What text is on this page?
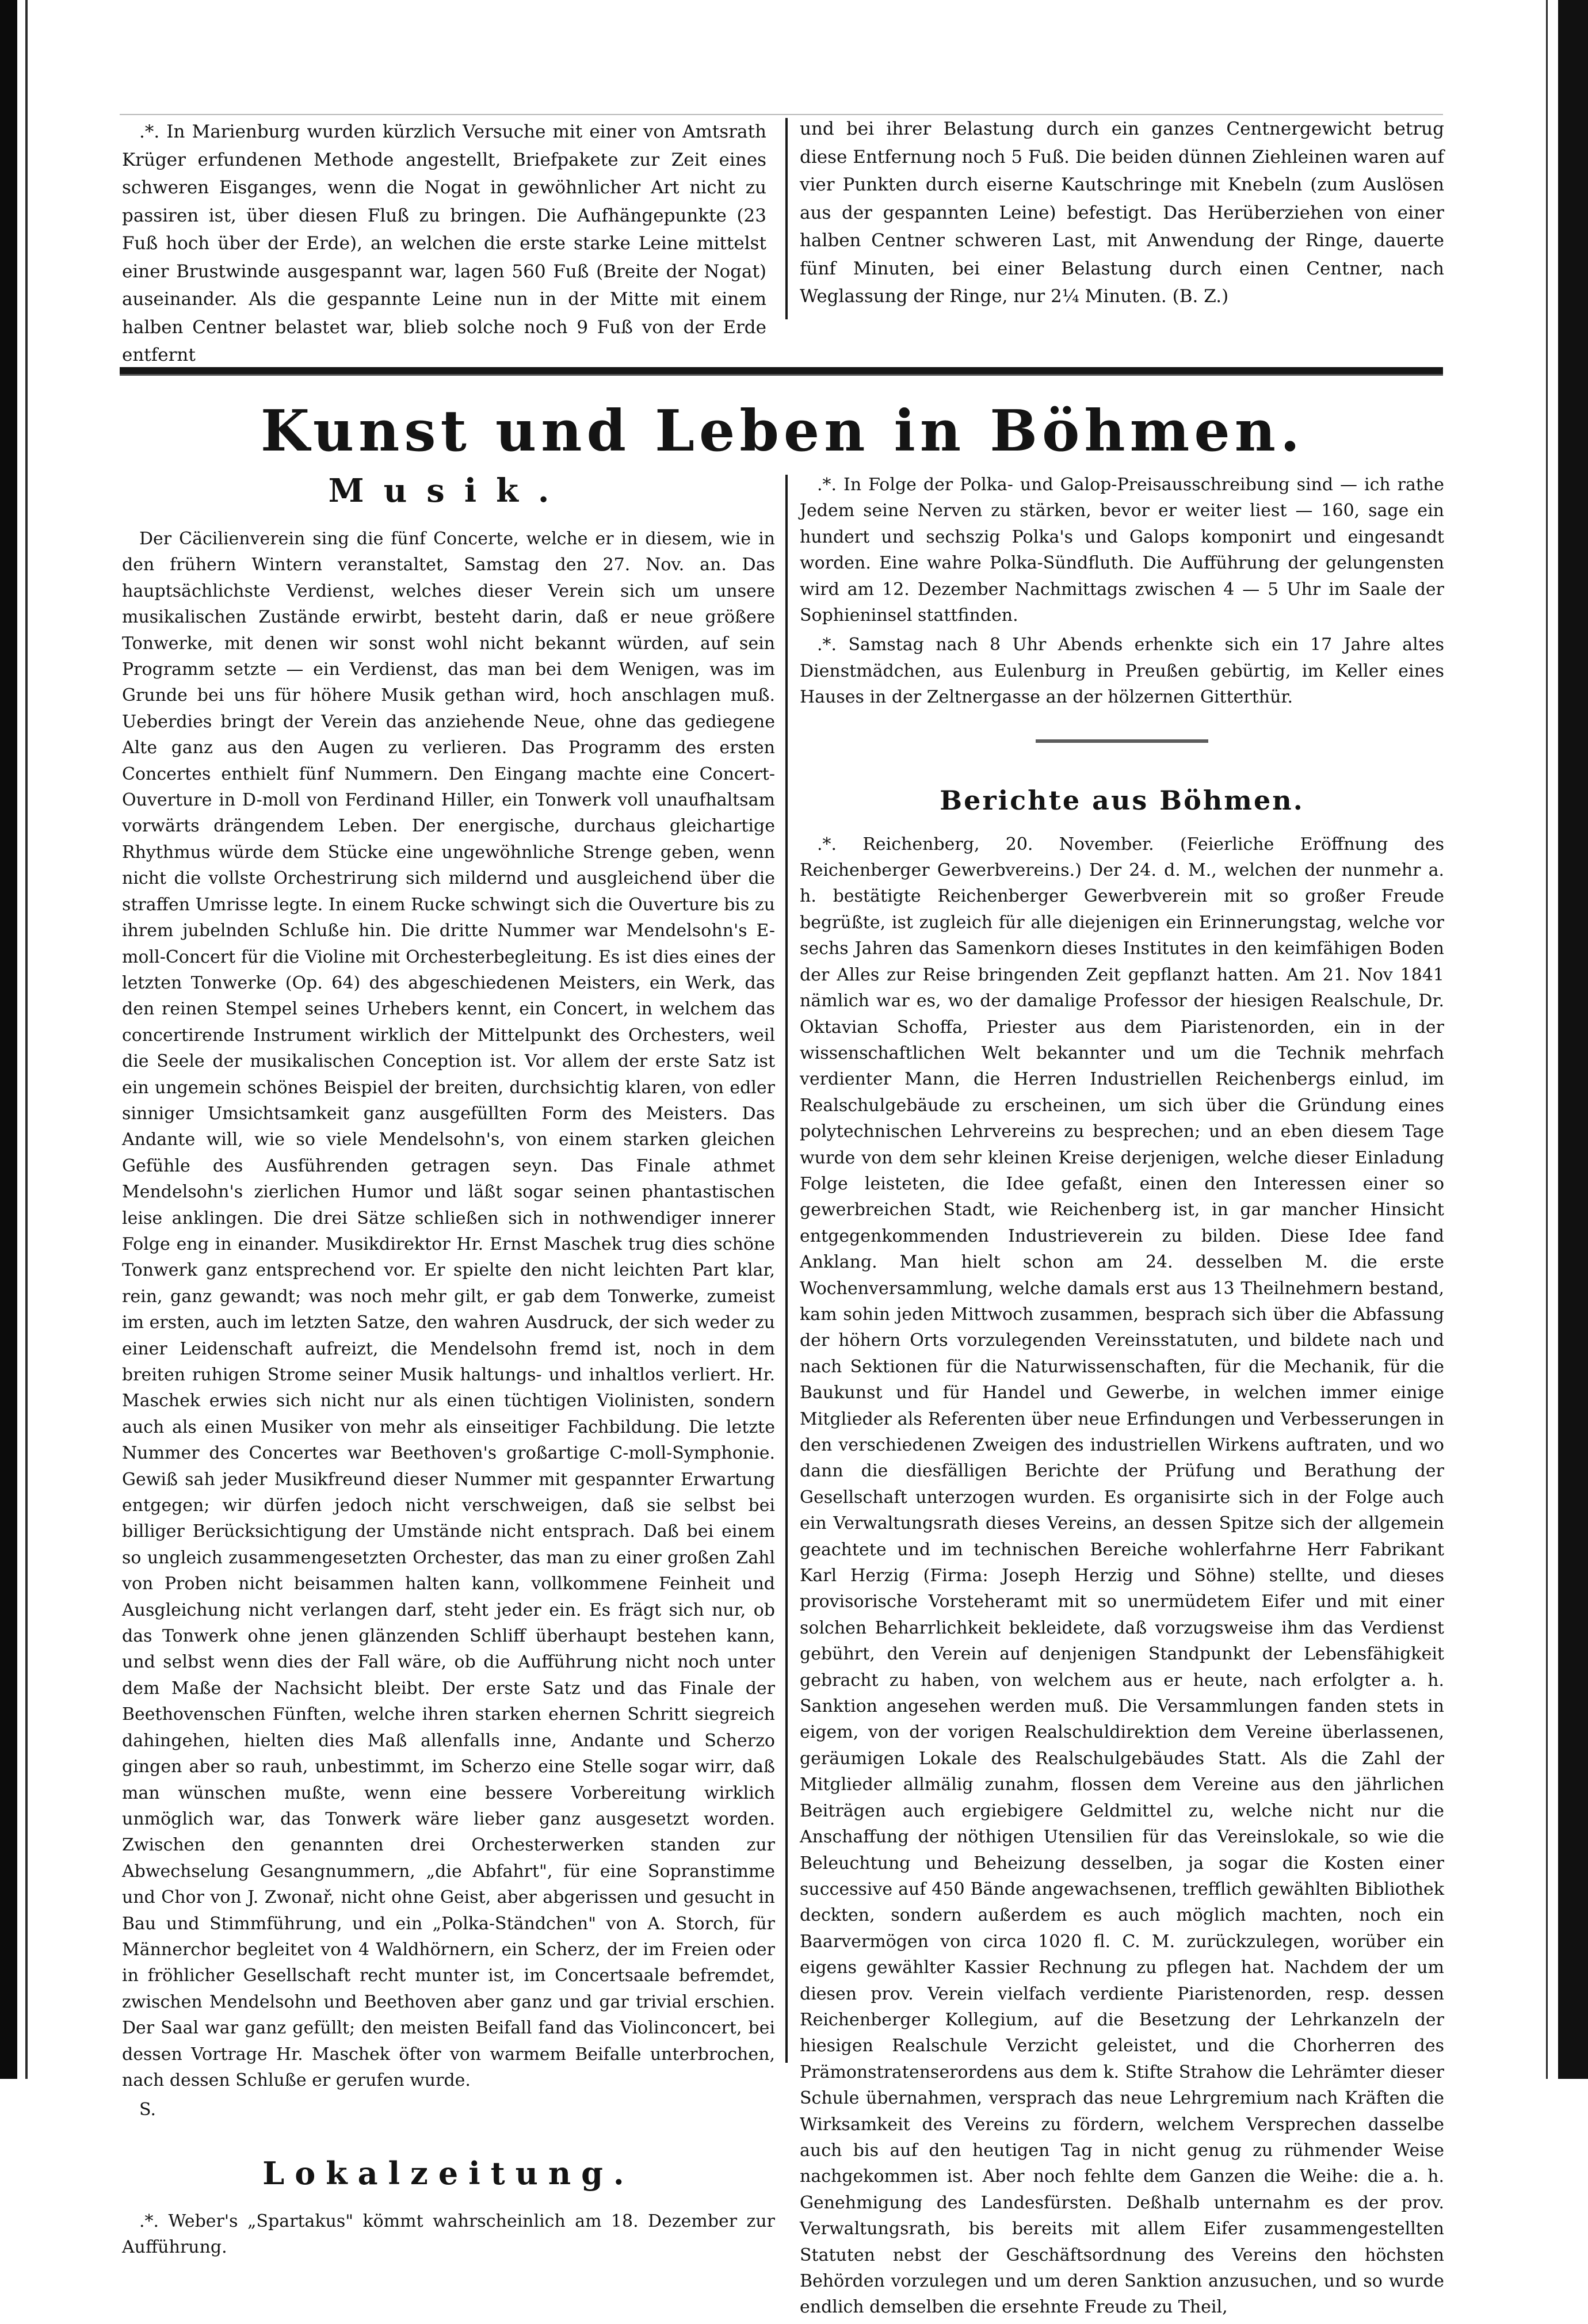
.*. In Marienburg wurden kürzlich Versuche mit einer von Amtsrath Krüger erfundenen Methode angestellt, Briefpakete zur Zeit eines schweren Eisganges, wenn die Nogat in gewöhnlicher Art nicht zu passiren ist, über diesen Fluß zu bringen. Die Aufhängepunkte (23 Fuß hoch über der Erde), an welchen die erste starke Leine mittelst einer Brustwinde ausgespannt war, lagen 560 Fuß (Breite der Nogat) auseinander. Als die gespannte Leine nun in der Mitte mit einem halben Centner belastet war, blieb solche noch 9 Fuß von der Erde entfernt

und bei ihrer Belastung durch ein ganzes Centnergewicht betrug diese Entfernung noch 5 Fuß. Die beiden dünnen Ziehleinen waren auf vier Punkten durch eiserne Kautschringe mit Knebeln (zum Auslösen aus der gespannten Leine) befestigt. Das Herüberziehen von einer halben Centner schweren Last, mit Anwendung der Ringe, dauerte fünf Minuten, bei einer Belastung durch einen Centner, nach Weglassung der Ringe, nur 2¼ Minuten. (B. Z.)

Kunst und Leben in Böhmen.
Musik.

Der Cäcilienverein sing die fünf Concerte, welche er in diesem, wie in den frühern Wintern veranstaltet, Samstag den 27. Nov. an. Das hauptsächlichste Verdienst, welches dieser Verein sich um unsere musikalischen Zustände erwirbt, besteht darin, daß er neue größere Tonwerke, mit denen wir sonst wohl nicht bekannt würden, auf sein Programm setzte — ein Verdienst, das man bei dem Wenigen, was im Grunde bei uns für höhere Musik gethan wird, hoch anschlagen muß. Ueberdies bringt der Verein das anziehende Neue, ohne das gediegene Alte ganz aus den Augen zu verlieren. Das Programm des ersten Concertes enthielt fünf Nummern. Den Eingang machte eine Concert-Ouverture in D-moll von Ferdinand Hiller, ein Tonwerk voll unaufhaltsam vorwärts drängendem Leben. Der energische, durchaus gleichartige Rhythmus würde dem Stücke eine ungewöhnliche Strenge geben, wenn nicht die vollste Orchestrirung sich mildernd und ausgleichend über die straffen Umrisse legte. In einem Rucke schwingt sich die Ouverture bis zu ihrem jubelnden Schluße hin. Die dritte Nummer war Mendelsohn's E-moll-Concert für die Violine mit Orchesterbegleitung. Es ist dies eines der letzten Tonwerke (Op. 64) des abgeschiedenen Meisters, ein Werk, das den reinen Stempel seines Urhebers kennt, ein Concert, in welchem das concertirende Instrument wirklich der Mittelpunkt des Orchesters, weil die Seele der musikalischen Conception ist. Vor allem der erste Satz ist ein ungemein schönes Beispiel der breiten, durchsichtig klaren, von edler sinniger Umsichtsamkeit ganz ausgefüllten Form des Meisters. Das Andante will, wie so viele Mendelsohn's, von einem starken gleichen Gefühle des Ausführenden getragen seyn. Das Finale athmet Mendelsohn's zierlichen Humor und läßt sogar seinen phantastischen leise anklingen. Die drei Sätze schließen sich in nothwendiger innerer Folge eng in einander. Musikdirektor Hr. Ernst Maschek trug dies schöne Tonwerk ganz entsprechend vor. Er spielte den nicht leichten Part klar, rein, ganz gewandt; was noch mehr gilt, er gab dem Tonwerke, zumeist im ersten, auch im letzten Satze, den wahren Ausdruck, der sich weder zu einer Leidenschaft aufreizt, die Mendelsohn fremd ist, noch in dem breiten ruhigen Strome seiner Musik haltungs- und inhaltlos verliert. Hr. Maschek erwies sich nicht nur als einen tüchtigen Violinisten, sondern auch als einen Musiker von mehr als einseitiger Fachbildung. Die letzte Nummer des Concertes war Beethoven's großartige C-moll-Symphonie. Gewiß sah jeder Musikfreund dieser Nummer mit gespannter Erwartung entgegen; wir dürfen jedoch nicht verschweigen, daß sie selbst bei billiger Berücksichtigung der Umstände nicht entsprach. Daß bei einem so ungleich zusammengesetzten Orchester, das man zu einer großen Zahl von Proben nicht beisammen halten kann, vollkommene Feinheit und Ausgleichung nicht verlangen darf, steht jeder ein. Es frägt sich nur, ob das Tonwerk ohne jenen glänzenden Schliff überhaupt bestehen kann, und selbst wenn dies der Fall wäre, ob die Aufführung nicht noch unter dem Maße der Nachsicht bleibt. Der erste Satz und das Finale der Beethovenschen Fünften, welche ihren starken ehernen Schritt siegreich dahingehen, hielten dies Maß allenfalls inne, Andante und Scherzo gingen aber so rauh, unbestimmt, im Scherzo eine Stelle sogar wirr, daß man wünschen mußte, wenn eine bessere Vorbereitung wirklich unmöglich war, das Tonwerk wäre lieber ganz ausgesetzt worden. Zwischen den genannten drei Orchesterwerken standen zur Abwechselung Gesangnummern, „die Abfahrt", für eine Sopranstimme und Chor von J. Zwonař, nicht ohne Geist, aber abgerissen und gesucht in Bau und Stimmführung, und ein „Polka-Ständchen" von A. Storch, für Männerchor begleitet von 4 Waldhörnern, ein Scherz, der im Freien oder in fröhlicher Gesellschaft recht munter ist, im Concertsaale befremdet, zwischen Mendelsohn und Beethoven aber ganz und gar trivial erschien. Der Saal war ganz gefüllt; den meisten Beifall fand das Violinconcert, bei dessen Vortrage Hr. Maschek öfter von warmem Beifalle unterbrochen, nach dessen Schluße er gerufen wurde.

S.

Lokalzeitung.

.*. Weber's „Spartakus" kömmt wahrscheinlich am 18. Dezember zur Aufführung.

.*. In Folge der Polka- und Galop-Preisausschreibung sind — ich rathe Jedem seine Nerven zu stärken, bevor er weiter liest — 160, sage ein hundert und sechszig Polka's und Galops komponirt und eingesandt worden. Eine wahre Polka-Sündfluth. Die Aufführung der gelungensten wird am 12. Dezember Nachmittags zwischen 4 — 5 Uhr im Saale der Sophieninsel stattfinden.

.*. Samstag nach 8 Uhr Abends erhenkte sich ein 17 Jahre altes Dienstmädchen, aus Eulenburg in Preußen gebürtig, im Keller eines Hauses in der Zeltnergasse an der hölzernen Gitterthür.

Berichte aus Böhmen.

.*. Reichenberg, 20. November. (Feierliche Eröffnung des Reichenberger Gewerbvereins.) Der 24. d. M., welchen der nunmehr a. h. bestätigte Reichenberger Gewerbverein mit so großer Freude begrüßte, ist zugleich für alle diejenigen ein Erinnerungstag, welche vor sechs Jahren das Samenkorn dieses Institutes in den keimfähigen Boden der Alles zur Reise bringenden Zeit gepflanzt hatten. Am 21. Nov 1841 nämlich war es, wo der damalige Professor der hiesigen Realschule, Dr. Oktavian Schoffa, Priester aus dem Piaristenorden, ein in der wissenschaftlichen Welt bekannter und um die Technik mehrfach verdienter Mann, die Herren Industriellen Reichenbergs einlud, im Realschulgebäude zu erscheinen, um sich über die Gründung eines polytechnischen Lehrvereins zu besprechen; und an eben diesem Tage wurde von dem sehr kleinen Kreise derjenigen, welche dieser Einladung Folge leisteten, die Idee gefaßt, einen den Interessen einer so gewerbreichen Stadt, wie Reichenberg ist, in gar mancher Hinsicht entgegenkommenden Industrieverein zu bilden. Diese Idee fand Anklang. Man hielt schon am 24. desselben M. die erste Wochenversammlung, welche damals erst aus 13 Theilnehmern bestand, kam sohin jeden Mittwoch zusammen, besprach sich über die Abfassung der höhern Orts vorzulegenden Vereinsstatuten, und bildete nach und nach Sektionen für die Naturwissenschaften, für die Mechanik, für die Baukunst und für Handel und Gewerbe, in welchen immer einige Mitglieder als Referenten über neue Erfindungen und Verbesserungen in den verschiedenen Zweigen des industriellen Wirkens auftraten, und wo dann die diesfälligen Berichte der Prüfung und Berathung der Gesellschaft unterzogen wurden. Es organisirte sich in der Folge auch ein Verwaltungsrath dieses Vereins, an dessen Spitze sich der allgemein geachtete und im technischen Bereiche wohlerfahrne Herr Fabrikant Karl Herzig (Firma: Joseph Herzig und Söhne) stellte, und dieses provisorische Vorsteheramt mit so unermüdetem Eifer und mit einer solchen Beharrlichkeit bekleidete, daß vorzugsweise ihm das Verdienst gebührt, den Verein auf denjenigen Standpunkt der Lebensfähigkeit gebracht zu haben, von welchem aus er heute, nach erfolgter a. h. Sanktion angesehen werden muß. Die Versammlungen fanden stets in eigem, von der vorigen Realschuldirektion dem Vereine überlassenen, geräumigen Lokale des Realschulgebäudes Statt. Als die Zahl der Mitglieder allmälig zunahm, flossen dem Vereine aus den jährlichen Beiträgen auch ergiebigere Geldmittel zu, welche nicht nur die Anschaffung der nöthigen Utensilien für das Vereinslokale, so wie die Beleuchtung und Beheizung desselben, ja sogar die Kosten einer successive auf 450 Bände angewachsenen, trefflich gewählten Bibliothek deckten, sondern außerdem es auch möglich machten, noch ein Baarvermögen von circa 1020 fl. C. M. zurückzulegen, worüber ein eigens gewählter Kassier Rechnung zu pflegen hat. Nachdem der um diesen prov. Verein vielfach verdiente Piaristenorden, resp. dessen Reichenberger Kollegium, auf die Besetzung der Lehrkanzeln der hiesigen Realschule Verzicht geleistet, und die Chorherren des Prämonstratenserordens aus dem k. Stifte Strahow die Lehrämter dieser Schule übernahmen, versprach das neue Lehrgremium nach Kräften die Wirksamkeit des Vereins zu fördern, welchem Versprechen dasselbe auch bis auf den heutigen Tag in nicht genug zu rühmender Weise nachgekommen ist. Aber noch fehlte dem Ganzen die Weihe: die a. h. Genehmigung des Landesfürsten. Deßhalb unternahm es der prov. Verwaltungsrath, bis bereits mit allem Eifer zusammengestellten Statuten nebst der Geschäftsordnung des Vereins den höchsten Behörden vorzulegen und um deren Sanktion anzusuchen, und so wurde endlich demselben die ersehnte Freude zu Theil,
